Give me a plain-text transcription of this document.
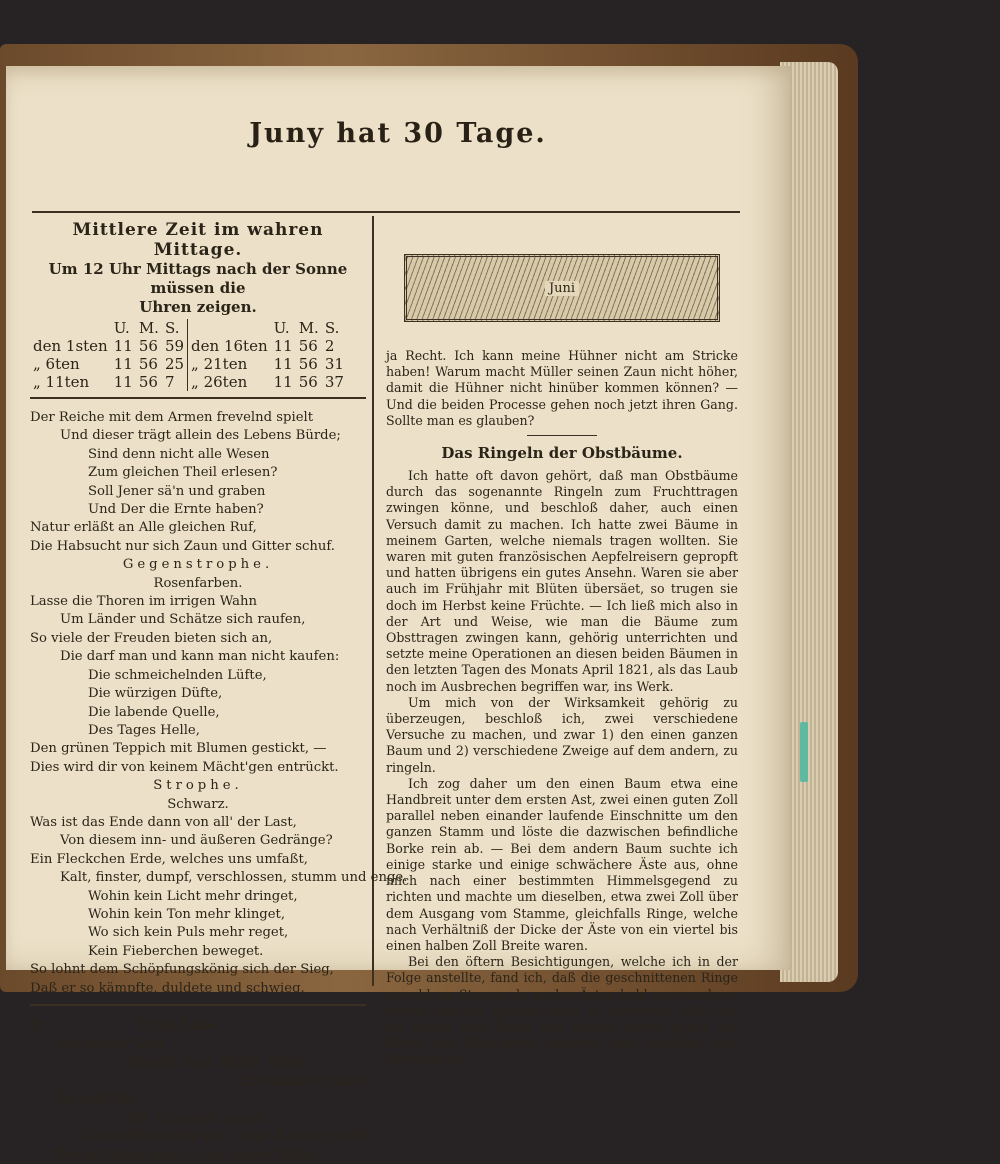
Juny hat 30 Tage.
Mittlere Zeit im wahren Mittage.
Um 12 Uhr Mittags nach der Sonne müssen die
Uhren zeigen.
	U.	M.	S.		U.	M.	S.
den 1sten	11	56	59	den 16ten	11	56	2
„ 6ten	11	56	25	„ 21ten	11	56	31
„ 11ten	11	56	7	„ 26ten	11	56	37
Der Reiche mit dem Armen frevelnd spielt
Und dieser trägt allein des Lebens Bürde;
Sind denn nicht alle Wesen
Zum gleichen Theil erlesen?
Soll Jener sä'n und graben
Und Der die Ernte haben?
Natur erläßt an Alle gleichen Ruf,
Die Habsucht nur sich Zaun und Gitter schuf.
Gegenstrophe.
Rosenfarben.
Lasse die Thoren im irrigen Wahn
Um Länder und Schätze sich raufen,
So viele der Freuden bieten sich an,
Die darf man und kann man nicht kaufen:
Die schmeichelnden Lüfte,
Die würzigen Düfte,
Die labende Quelle,
Des Tages Helle,
Den grünen Teppich mit Blumen gestickt, —
Dies wird dir von keinem Mächt'gen entrückt.
Strophe.
Schwarz.
Was ist das Ende dann von all' der Last,
Von diesem inn- und äußeren Gedränge?
Ein Fleckchen Erde, welches uns umfaßt,
Kalt, finster, dumpf, verschlossen, stumm und enge.
Wohin kein Licht mehr dringet,
Wohin kein Ton mehr klinget,
Wo sich kein Puls mehr reget,
Kein Fieberchen beweget.
So lohnt dem Schöpfungskönig sich der Sieg,
Daß er so kämpfte, duldete und schwieg.
6)	Erste Silbe.
Ein großer Gott —
Zweite und dritte Silbe.
Ein dummer Hans.
Da habt Ihr
die Charade ganz.
D'rin steht sich's gut — nur d'runter nicht;
Wer d'runter steht — ein armer Wicht.
Juni
ja Recht. Ich kann meine Hühner nicht am Stricke haben! Warum macht Müller seinen Zaun nicht höher, damit die Hühner nicht hinüber kommen können? — Und die beiden Processe gehen noch jetzt ihren Gang. Sollte man es glauben?
Das Ringeln der Obstbäume.

Ich hatte oft davon gehört, daß man Obstbäume durch das sogenannte Ringeln zum Fruchttragen zwingen könne, und beschloß daher, auch einen Versuch damit zu machen. Ich hatte zwei Bäume in meinem Garten, welche niemals tragen wollten. Sie waren mit guten französischen Aepfelreisern gepropft und hatten übrigens ein gutes Ansehn. Waren sie aber auch im Frühjahr mit Blüten übersäet, so trugen sie doch im Herbst keine Früchte. — Ich ließ mich also in der Art und Weise, wie man die Bäume zum Obsttragen zwingen kann, gehörig unterrichten und setzte meine Operationen an diesen beiden Bäumen in den letzten Tagen des Monats April 1821, als das Laub noch im Ausbrechen begriffen war, ins Werk.

Um mich von der Wirksamkeit gehörig zu überzeugen, beschloß ich, zwei verschiedene Versuche zu machen, und zwar 1) den einen ganzen Baum und 2) verschiedene Zweige auf dem andern, zu ringeln.

Ich zog daher um den einen Baum etwa eine Handbreit unter dem ersten Ast, zwei einen guten Zoll parallel neben einander laufende Einschnitte um den ganzen Stamm und löste die dazwischen befindliche Borke rein ab. — Bei dem andern Baum suchte ich einige starke und einige schwächere Äste aus, ohne mich nach einer bestimmten Himmelsgegend zu richten und machte um dieselben, etwa zwei Zoll über dem Ausgang vom Stamme, gleichfalls Ringe, welche nach Verhältniß der Dicke der Äste von ein viertel bis einen halben Zoll Breite waren.

Bei den öftern Besichtigungen, welche ich in der Folge anstellte, fand ich, daß die geschnittenen Ringe sowohl am Stamm als an den Ästen bald zugewachsen waren, und ich glaubte dabei zu bemerken, daß sich die Rinde oder Borke von beiden Seiten gegen die Mitte des Einschnitts näherte und daselbst eine Vereinigung
